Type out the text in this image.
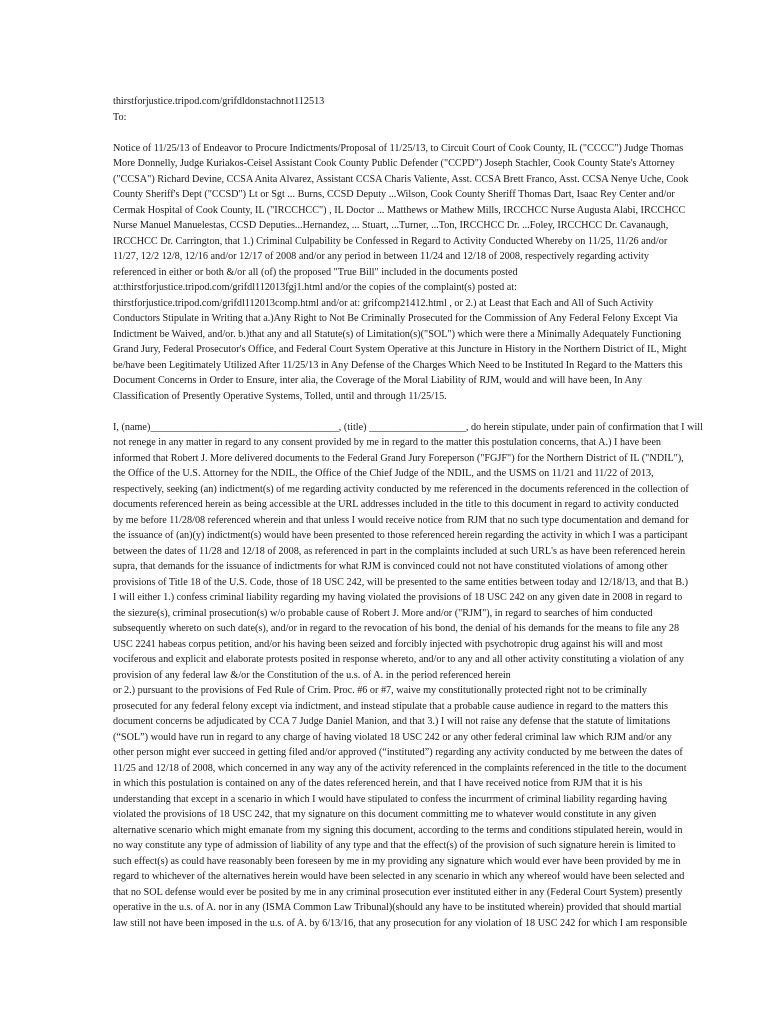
thirstforjustice.tripod.com/grifdldonstachnot112513
To:
Notice of 11/25/13 of Endeavor to Procure Indictments/Proposal of 11/25/13, to Circuit Court of Cook County, IL ("CCCC") Judge Thomas
More Donnelly, Judge Kuriakos-Ceisel Assistant Cook County Public Defender ("CCPD") Joseph Stachler, Cook County State's Attorney
("CCSA") Richard Devine, CCSA Anita Alvarez, Assistant CCSA Charis Valiente, Asst. CCSA Brett Franco, Asst. CCSA Nenye Uche, Cook
County Sheriff's Dept ("CCSD") Lt or Sgt ... Burns, CCSD Deputy ...Wilson, Cook County Sheriff Thomas Dart, Isaac Rey Center and/or
Cermak Hospital of Cook County, IL ("IRCCHCC") , IL Doctor ... Matthews or Mathew Mills, IRCCHCC Nurse Augusta Alabi, IRCCHCC
Nurse Manuel Manuelestas, CCSD Deputies...Hernandez, ... Stuart, ...Turner, ...Ton, IRCCHCC Dr. ...Foley, IRCCHCC Dr. Cavanaugh,
IRCCHCC Dr. Carrington, that 1.) Criminal Culpability be Confessed in Regard to Activity Conducted Whereby on 11/25, 11/26 and/or
11/27, 12/2 12/8, 12/16 and/or 12/17 of 2008 and/or any period in between 11/24 and 12/18 of 2008, respectively regarding activity
referenced in either or both &/or all (of) the proposed "True Bill" included in the documents posted
at:thirstforjustice.tripod.com/grifdl112013fgj1.html and/or the copies of the complaint(s) posted at:
thirstforjustice.tripod.com/grifdl112013comp.html and/or at: grifcomp21412.html , or 2.) at Least that Each and All of Such Activity
Conductors Stipulate in Writing that a.)Any Right to Not Be Criminally Prosecuted for the Commission of Any Federal Felony Except Via
Indictment be Waived, and/or. b.)that any and all Statute(s) of Limitation(s)("SOL") which were there a Minimally Adequately Functioning
Grand Jury, Federal Prosecutor's Office, and Federal Court System Operative at this Juncture in History in the Northern District of IL, Might
be/have been Legitimately Utilized After 11/25/13 in Any Defense of the Charges Which Need to be Instituted In Regard to the Matters this
Document Concerns in Order to Ensure, inter alia, the Coverage of the Moral Liability of RJM, would and will have been, In Any
Classification of Presently Operative Systems, Tolled, until and through 11/25/15.
I, (name)_____________________________________, (title) ___________________, do herein stipulate, under pain of confirmation that I will
not renege in any matter in regard to any consent provided by me in regard to the matter this postulation concerns, that A.) I have been
informed that Robert J. More delivered documents to the Federal Grand Jury Foreperson ("FGJF") for the Northern District of IL ("NDIL"),
the Office of the U.S. Attorney for the NDIL, the Office of the Chief Judge of the NDIL, and the USMS on 11/21 and 11/22 of 2013,
respectively, seeking (an) indictment(s) of me regarding activity conducted by me referenced in the documents referenced in the collection of
documents referenced herein as being accessible at the URL addresses included in the title to this document in regard to activity conducted
by me before 11/28/08 referenced wherein and that unless I would receive notice from RJM that no such type documentation and demand for
the issuance of (an)(y) indictment(s) would have been presented to those referenced herein regarding the activity in which I was a participant
between the dates of 11/28 and 12/18 of 2008, as referenced in part in the complaints included at such URL's as have been referenced herein
supra, that demands for the issuance of indictments for what RJM is convinced could not not have constituted violations of among other
provisions of Title 18 of the U.S. Code, those of 18 USC 242, will be presented to the same entities between today and 12/18/13, and that B.)
I will either 1.) confess criminal liability regarding my having violated the provisions of 18 USC 242 on any given date in 2008 in regard to
the siezure(s), criminal prosecution(s) w/o probable cause of Robert J. More and/or ("RJM"), in regard to searches of him conducted
subsequently whereto on such date(s), and/or in regard to the revocation of his bond, the denial of his demands for the means to file any 28
USC 2241 habeas corpus petition, and/or his having been seized and forcibly injected with psychotropic drug against his will and most
vociferous and explicit and elaborate protests posited in response whereto, and/or to any and all other activity constituting a violation of any
provision of any federal law &/or the Constitution of the u.s. of A. in the period referenced herein
or 2.) pursuant to the provisions of Fed Rule of Crim. Proc. #6 or #7, waive my constitutionally protected right not to be criminally
prosecuted for any federal felony except via indictment, and instead stipulate that a probable cause audience in regard to the matters this
document concerns be adjudicated by CCA 7 Judge Daniel Manion, and that 3.) I will not raise any defense that the statute of limitations
(“SOL”) would have run in regard to any charge of having violated 18 USC 242 or any other federal criminal law which RJM and/or any
other person might ever succeed in getting filed and/or approved (“instituted”) regarding any activity conducted by me between the dates of
11/25 and 12/18 of 2008, which concerned in any way any of the activity referenced in the complaints referenced in the title to the document
in which this postulation is contained on any of the dates referenced herein, and that I have received notice from RJM that it is his
understanding that except in a scenario in which I would have stipulated to confess the incurrment of criminal liability regarding having
violated the provisions of 18 USC 242, that my signature on this document committing me to whatever would constitute in any given
alternative scenario which might emanate from my signing this document, according to the terms and conditions stipulated herein, would in
no way constitute any type of admission of liability of any type and that the effect(s) of the provision of such signature herein is limited to
such effect(s) as could have reasonably been foreseen by me in my providing any signature which would ever have been provided by me in
regard to whichever of the alternatives herein would have been selected in any scenario in which any whereof would have been selected and
that no SOL defense would ever be posited by me in any criminal prosecution ever instituted either in any (Federal Court System) presently
operative in the u.s. of A. nor in any (ISMA Common Law Tribunal)(should any have to be instituted wherein) provided that should martial
law still not have been imposed in the u.s. of A. by 6/13/16, that any prosecution for any violation of 18 USC 242 for which I am responsible
